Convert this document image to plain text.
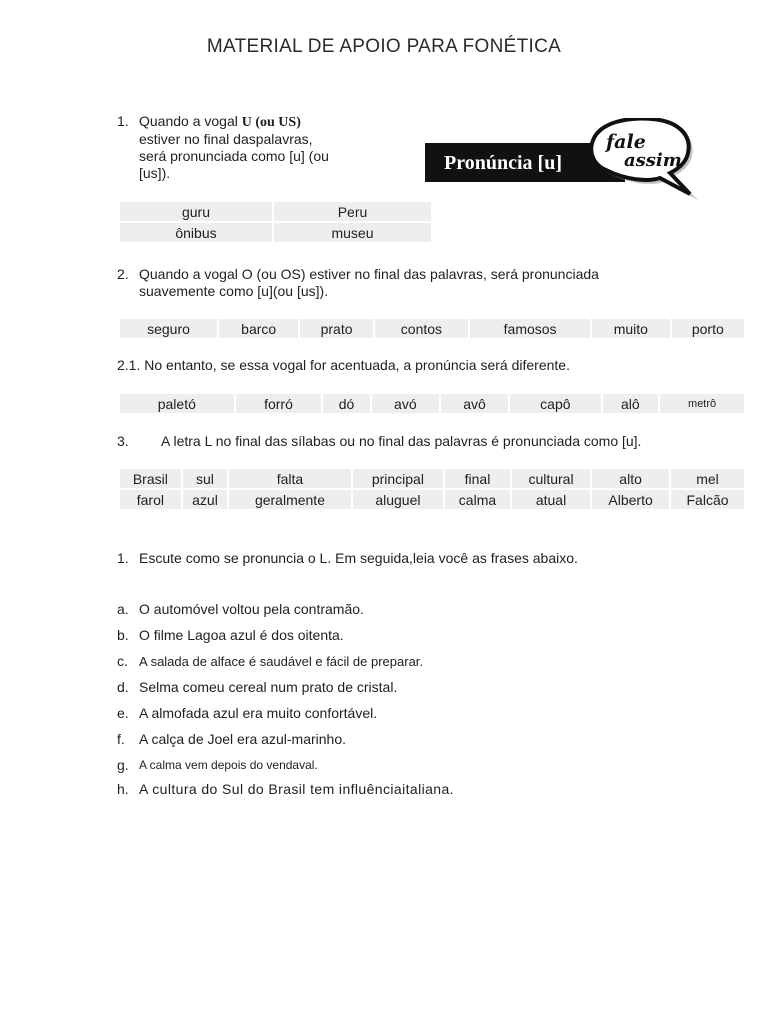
MATERIAL DE APOIO PARA FONÉTICA
1. Quando a vogal U (ou US)
estiver no final daspalavras,
será pronunciada como [u] (ou
[us]).	Pronúncia [u]
fale
assim
guru	Peru
ônibus	museu
2. Quando a vogal O (ou OS) estiver no final das palavras, será pronunciada
suavemente como [u](ou [us]).
seguro	barco	prato	contos	famosos	muito	porto
2.1. No entanto, se essa vogal for acentuada, a pronúncia será diferente.
paletó	forró	dó	avó	avô	capô	alô	metrô
3. A letra L no final das sílabas ou no final das palavras é pronunciada como [u].
Brasil	sul	falta	principal	final	cultural	alto	mel
farol	azul	geralmente	aluguel	calma	atual	Alberto	Falcão
1. Escute como se pronuncia o L. Em seguida,leia você as frases abaixo.
a. O automóvel voltou pela contramão.
b. O filme Lagoa azul é dos oitenta.
c. A salada de alface é saudável e fácil de preparar.
d. Selma comeu cereal num prato de cristal.
e. A almofada azul era muito confortável.
f. A calça de Joel era azul-marinho.
g. A calma vem depois do vendaval.
h. A cultura do Sul do Brasil tem influênciaitaliana.
